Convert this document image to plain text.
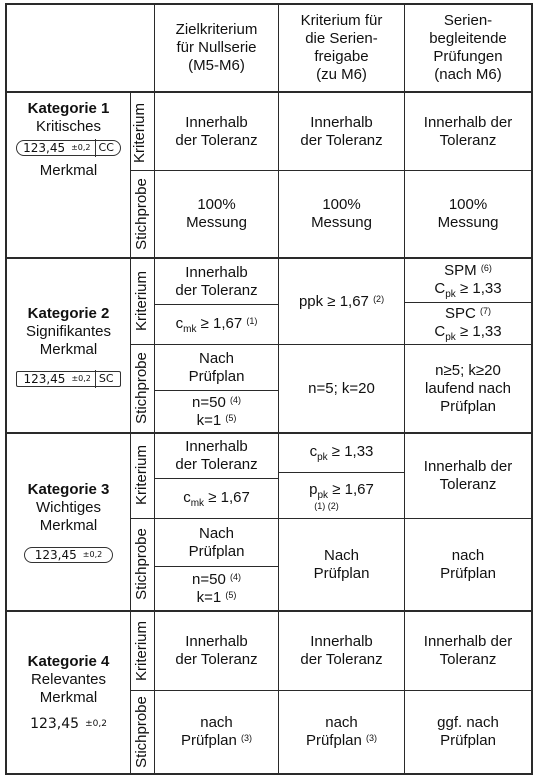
Zielkriterium
für Nullserie
(M5-M6)
Kriterium für
die Serien-
freigabe
(zu M6)
Serien-
begleitende
Prüfungen
(nach M6)
Kategorie 1
Kritisches
123,45 ±0,2 CC
Merkmal
Kriterium
Stichprobe
Innerhalb
der Toleranz
Innerhalb
der Toleranz
Innerhalb der
Toleranz
100%
Messung
100%
Messung
100%
Messung
Kategorie 2
Signifikantes
Merkmal
123,45 ±0,2 SC
Kriterium
Stichprobe
Innerhalb
der Toleranz
$c_{mk} \ge 1,67$ $^{(1)}$
ppk ≥ 1,67 $^{(2)}$
SPM $^{(6)}$
$C_{pk} \ge 1,33$
SPC $^{(7)}$
$C_{pk} \ge 1,33$
Nach
Prüfplan
n=50 $^{(4)}$
k=1 $^{(5)}$
n=5; k=20
n≥5; k≥20
laufend nach
Prüfplan
Kategorie 3
Wichtiges
Merkmal
123,45 ±0,2
Kriterium
Stichprobe
Innerhalb
der Toleranz
$c_{mk} \ge 1,67$
$c_{pk} \ge 1,33$
$p_{pk} \ge 1,67$
(1) (2)
Innerhalb der
Toleranz
Nach
Prüfplan
n=50 $^{(4)}$
k=1 $^{(5)}$
Nach
Prüfplan
nach
Prüfplan
Kategorie 4
Relevantes
Merkmal
123,45 ±0,2
Kriterium
Stichprobe
Innerhalb
der Toleranz
Innerhalb
der Toleranz
Innerhalb der
Toleranz
nach
Prüfplan $^{(3)}$
nach
Prüfplan $^{(3)}$
ggf. nach
Prüfplan
